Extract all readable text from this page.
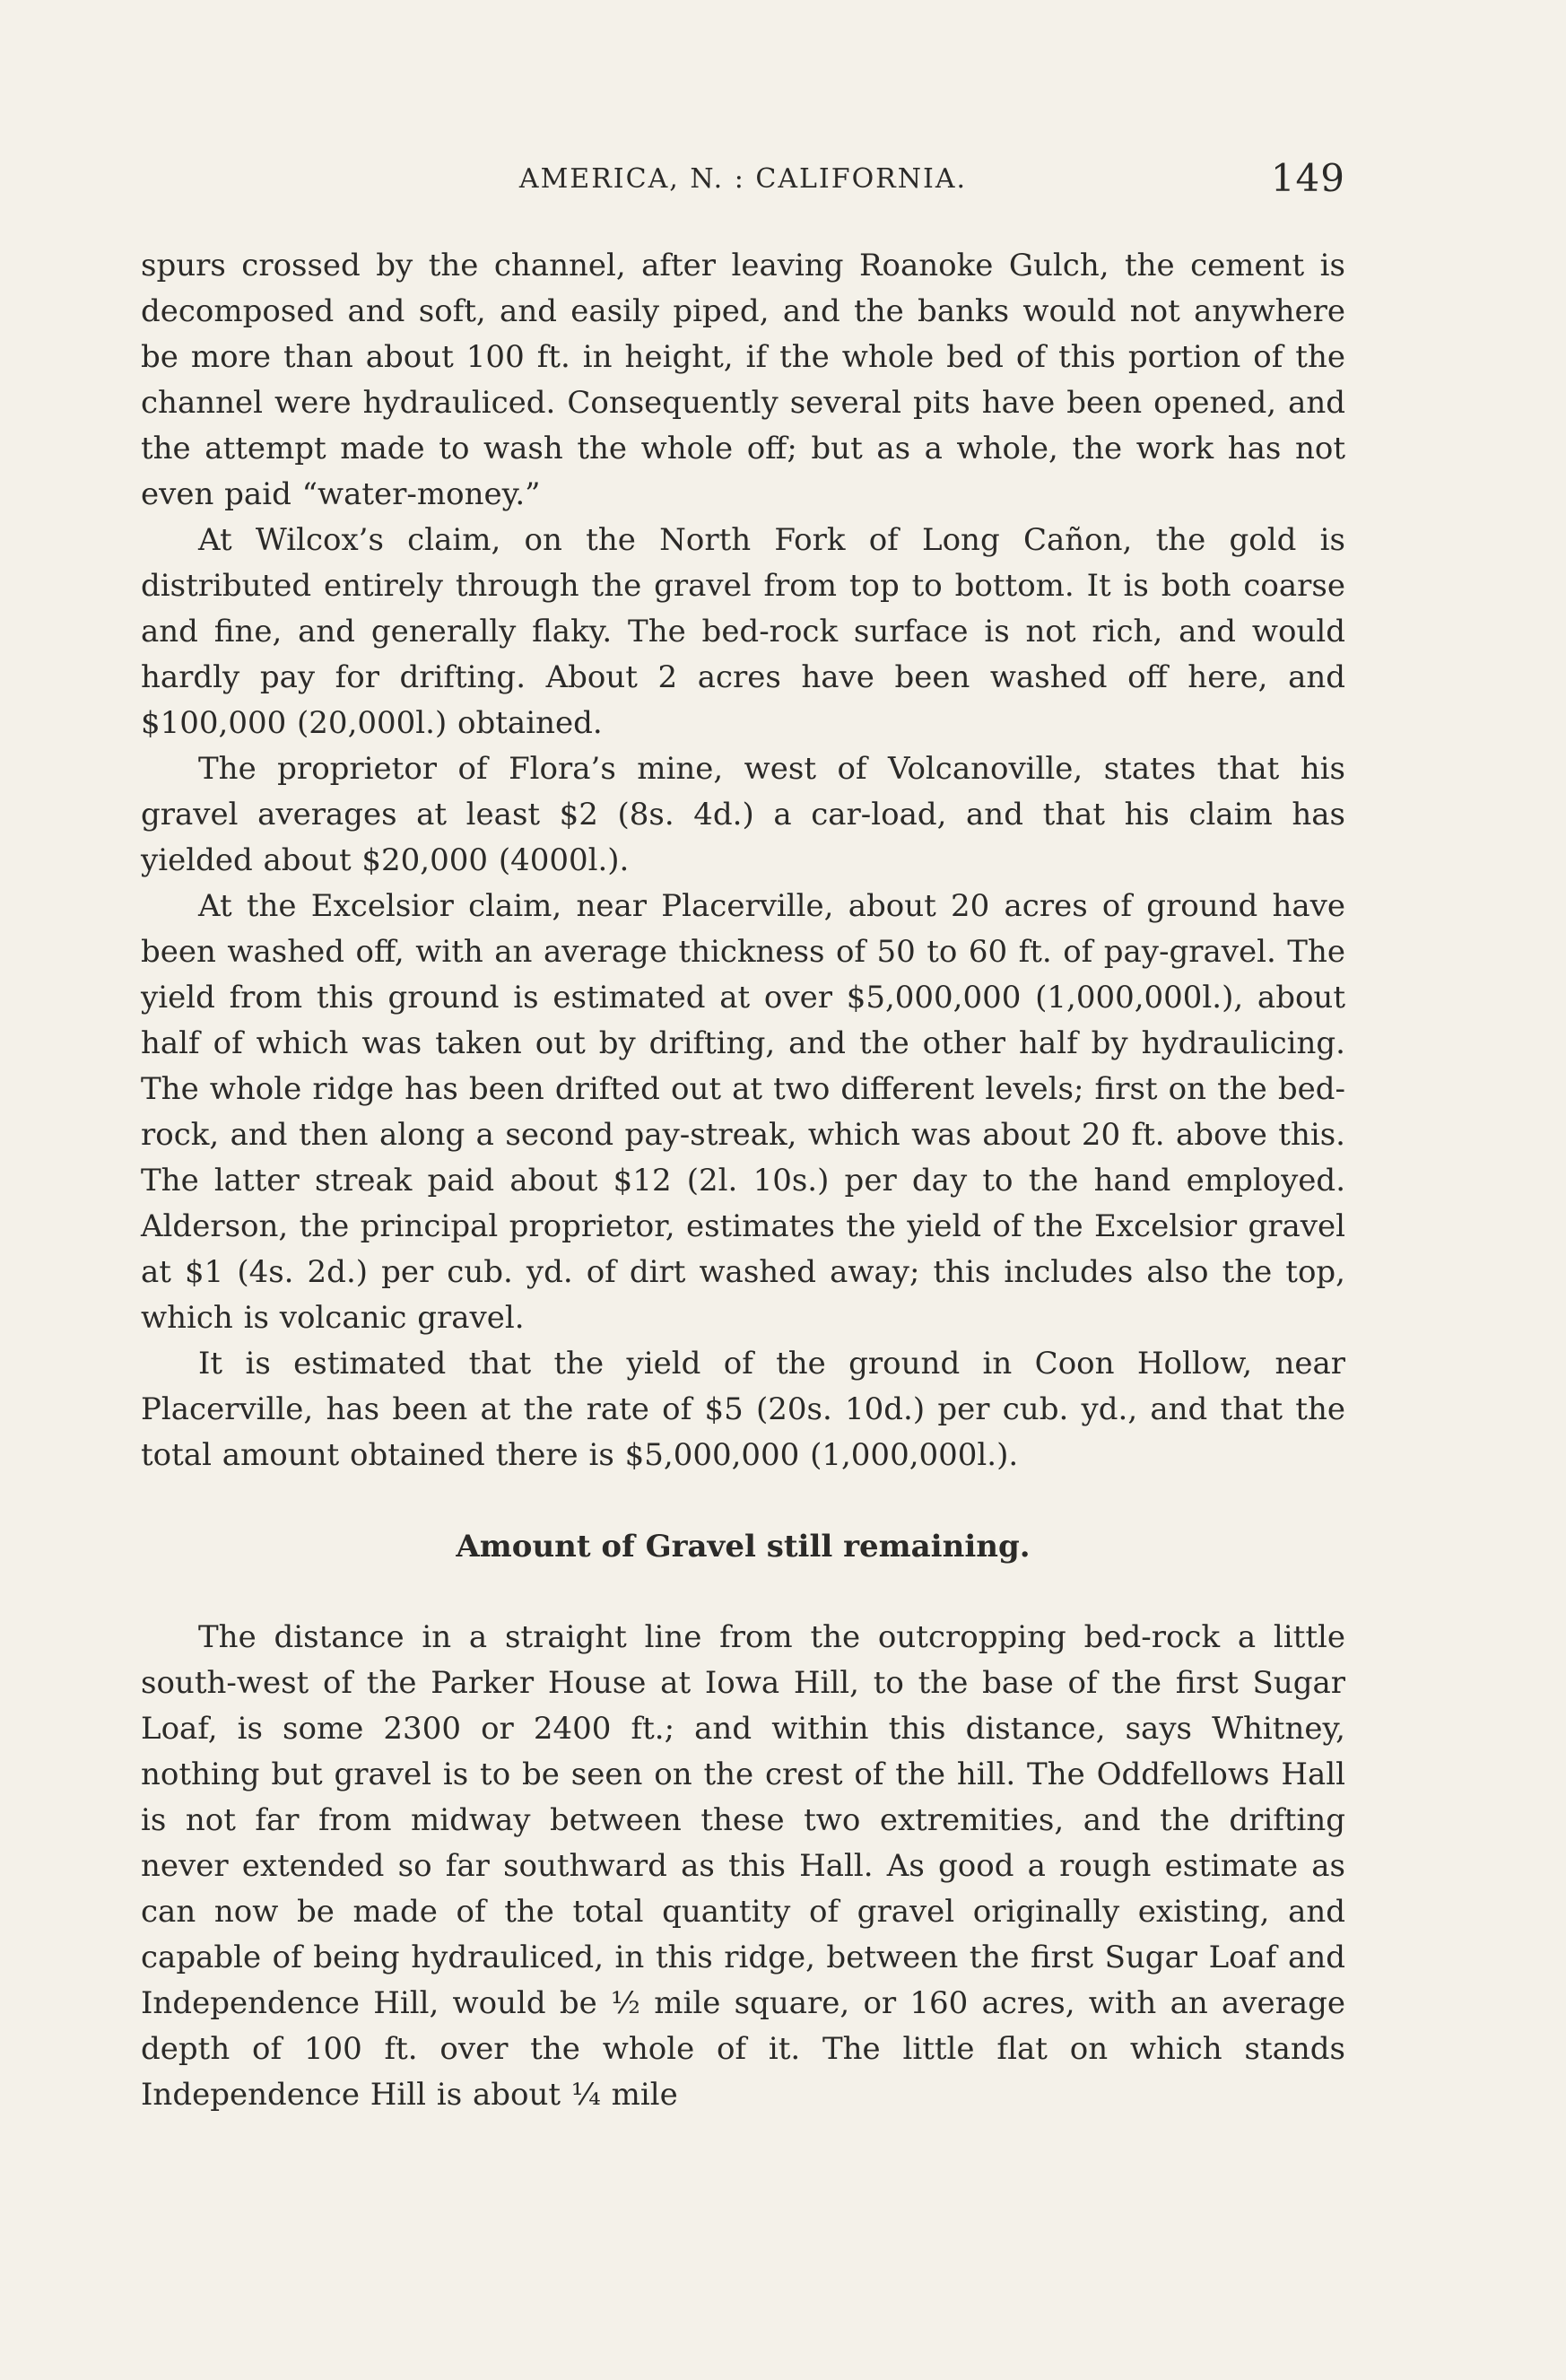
AMERICA, N. : CALIFORNIA.	149

spurs crossed by the channel, after leaving Roanoke Gulch, the cement is decomposed and soft, and easily piped, and the banks would not anywhere be more than about 100 ft. in height, if the whole bed of this portion of the channel were hydrauliced. Consequently several pits have been opened, and the attempt made to wash the whole off; but as a whole, the work has not even paid “water-money.”

At Wilcox’s claim, on the North Fork of Long Cañon, the gold is distributed entirely through the gravel from top to bottom. It is both coarse and fine, and generally flaky. The bed-rock surface is not rich, and would hardly pay for drifting. About 2 acres have been washed off here, and $100,000 (20,000l.) obtained.

The proprietor of Flora’s mine, west of Volcanoville, states that his gravel averages at least $2 (8s. 4d.) a car-load, and that his claim has yielded about $20,000 (4000l.).

At the Excelsior claim, near Placerville, about 20 acres of ground have been washed off, with an average thickness of 50 to 60 ft. of pay-gravel. The yield from this ground is estimated at over $5,000,000 (1,000,000l.), about half of which was taken out by drifting, and the other half by hydraulicing. The whole ridge has been drifted out at two different levels; first on the bed-rock, and then along a second pay-streak, which was about 20 ft. above this. The latter streak paid about $12 (2l. 10s.) per day to the hand employed. Alderson, the principal proprietor, estimates the yield of the Excelsior gravel at $1 (4s. 2d.) per cub. yd. of dirt washed away; this includes also the top, which is volcanic gravel.

It is estimated that the yield of the ground in Coon Hollow, near Placerville, has been at the rate of $5 (20s. 10d.) per cub. yd., and that the total amount obtained there is $5,000,000 (1,000,000l.).

Amount of Gravel still remaining.

The distance in a straight line from the outcropping bed-rock a little south-west of the Parker House at Iowa Hill, to the base of the first Sugar Loaf, is some 2300 or 2400 ft.; and within this distance, says Whitney, nothing but gravel is to be seen on the crest of the hill. The Oddfellows Hall is not far from midway between these two extremities, and the drifting never extended so far southward as this Hall. As good a rough estimate as can now be made of the total quantity of gravel originally existing, and capable of being hydrauliced, in this ridge, between the first Sugar Loaf and Independence Hill, would be ½ mile square, or 160 acres, with an average depth of 100 ft. over the whole of it. The little flat on which stands Independence Hill is about ¼ mile
